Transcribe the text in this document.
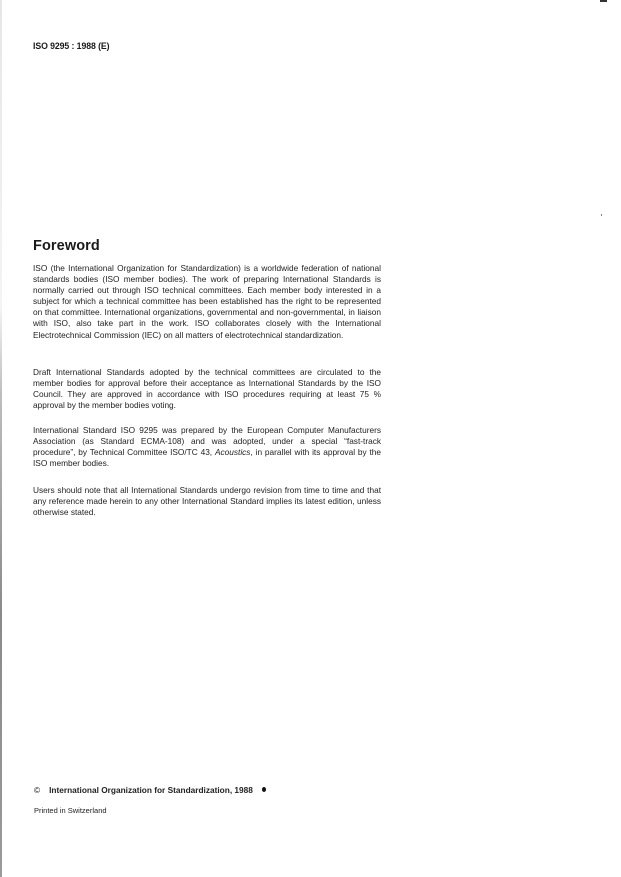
ISO 9295 : 1988 (E)
Foreword

ISO (the International Organization for Standardization) is a worldwide federation of national standards bodies (ISO member bodies). The work of preparing International Standards is normally carried out through ISO technical committees. Each member body interested in a subject for which a technical committee has been established has the right to be represented on that committee. International organizations, governmental and non-governmental, in liaison with ISO, also take part in the work. ISO collaborates closely with the International Electrotechnical Commission (IEC) on all matters of electrotechnical standardization.

Draft International Standards adopted by the technical committees are circulated to the member bodies for approval before their acceptance as International Standards by the ISO Council. They are approved in accordance with ISO procedures requiring at least 75 % approval by the member bodies voting.

International Standard ISO 9295 was prepared by the European Computer Manufacturers Association (as Standard ECMA-108) and was adopted, under a special “fast-track procedure”, by Technical Committee ISO/TC 43, Acoustics, in parallel with its approval by the ISO member bodies.

Users should note that all International Standards undergo revision from time to time and that any reference made herein to any other International Standard implies its latest edition, unless otherwise stated.

© International Organization for Standardization, 1988
Printed in Switzerland
